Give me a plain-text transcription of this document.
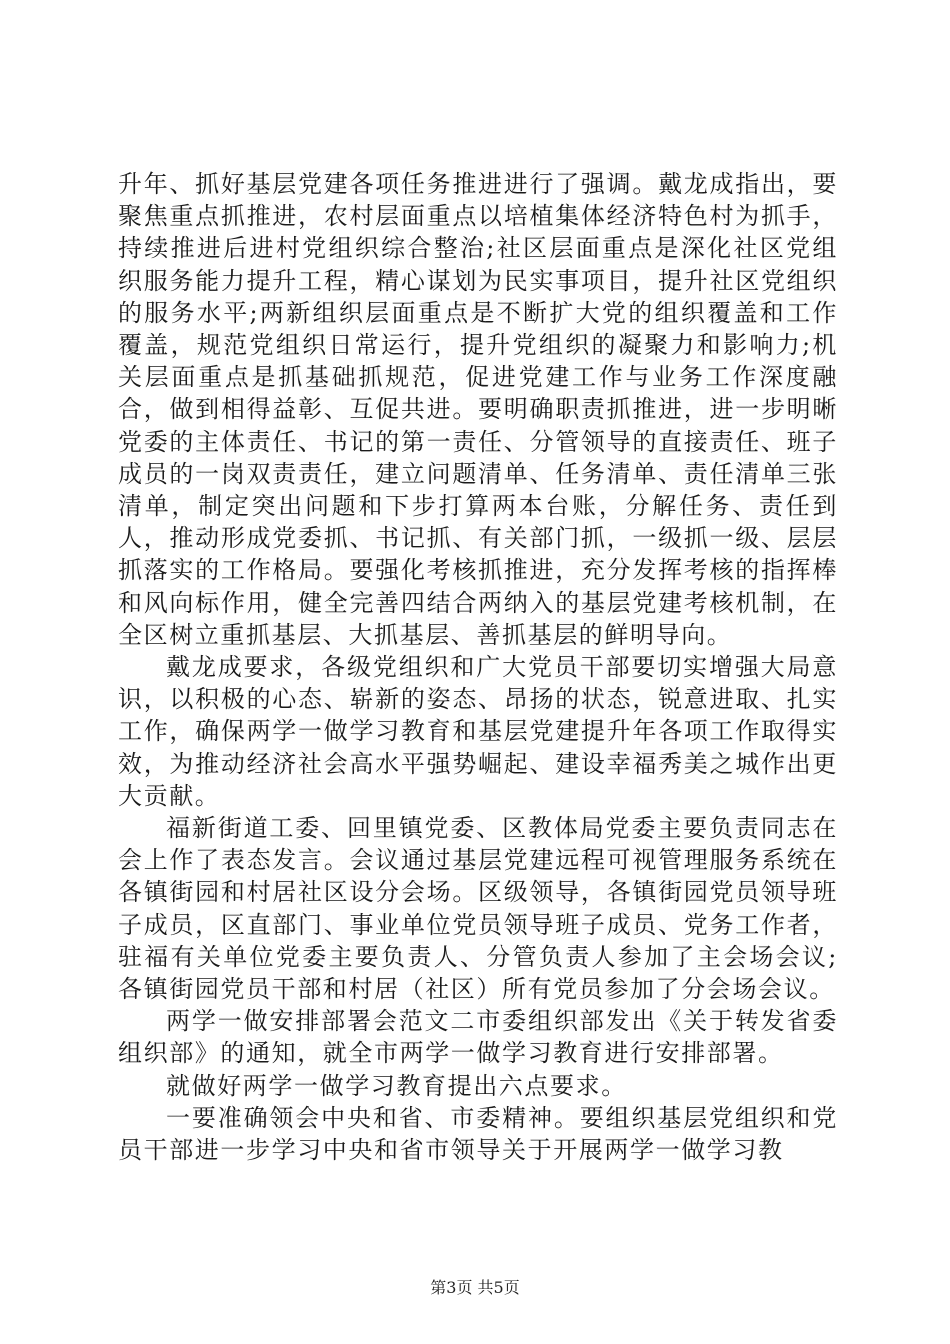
升年、抓好基层党建各项任务推进进行了强调。戴龙成指出，要聚焦重点抓推进，农村层面重点以培植集体经济特色村为抓手，持续推进后进村党组织综合整治;社区层面重点是深化社区党组织服务能力提升工程，精心谋划为民实事项目，提升社区党组织的服务水平;两新组织层面重点是不断扩大党的组织覆盖和工作覆盖，规范党组织日常运行，提升党组织的凝聚力和影响力;机关层面重点是抓基础抓规范，促进党建工作与业务工作深度融合，做到相得益彰、互促共进。要明确职责抓推进，进一步明晰党委的主体责任、书记的第一责任、分管领导的直接责任、班子成员的一岗双责责任，建立问题清单、任务清单、责任清单三张清单，制定突出问题和下步打算两本台账，分解任务、责任到人，推动形成党委抓、书记抓、有关部门抓，一级抓一级、层层抓落实的工作格局。要强化考核抓推进，充分发挥考核的指挥棒和风向标作用，健全完善四结合两纳入的基层党建考核机制，在全区树立重抓基层、大抓基层、善抓基层的鲜明导向。

戴龙成要求，各级党组织和广大党员干部要切实增强大局意识，以积极的心态、崭新的姿态、昂扬的状态，锐意进取、扎实工作，确保两学一做学习教育和基层党建提升年各项工作取得实效，为推动经济社会高水平强势崛起、建设幸福秀美之城作出更大贡献。

福新街道工委、回里镇党委、区教体局党委主要负责同志在会上作了表态发言。会议通过基层党建远程可视管理服务系统在各镇街园和村居社区设分会场。区级领导，各镇街园党员领导班子成员，区直部门、事业单位党员领导班子成员、党务工作者，驻福有关单位党委主要负责人、分管负责人参加了主会场会议;各镇街园党员干部和村居（社区）所有党员参加了分会场会议。

两学一做安排部署会范文二市委组织部发出《关于转发省委组织部》的通知，就全市两学一做学习教育进行安排部署。

就做好两学一做学习教育提出六点要求。

一要准确领会中央和省、市委精神。要组织基层党组织和党员干部进一步学习中央和省市领导关于开展两学一做学习教

第3页 共5页
